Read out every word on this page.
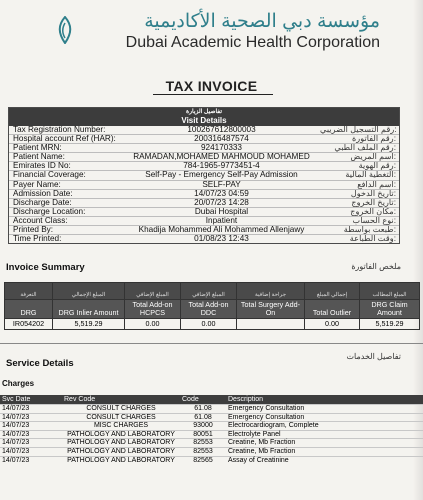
مؤسسة دبي الصحية الأكاديمية
Dubai Academic Health Corporation
TAX INVOICE
تفاصيل الزيارة
Visit Details
Tax Registration Number:	100267612800003	رقم التسجيل الضريبي:
Hospital account Ref (HAR):	200316487574	رقم الفاتورة:
Patient MRN:	924170333	رقم الملف الطبي:
Patient Name:	RAMADAN,MOHAMED MAHMOUD MOHAMED	اسم المريض:
Emirates ID No:	784-1965-9773451-4	رقم الهوية:
Financial Coverage:	Self-Pay - Emergency Self-Pay Admission	التغطية المالية:
Payer Name:	SELF-PAY	اسم الدافع:
Admission Date:	14/07/23 04:59	تاريخ الدخول:
Discharge Date:	20/07/23 14:28	تاريخ الخروج:
Discharge Location:	Dubai Hospital	مكان الخروج:
Account Class:	Inpatient	نوع الحساب:
Printed By:	Khadija Mohammed Ali Mohammed Allenjawy	طبعت بواسطة:
Time Printed:	01/08/23 12:43	وقت الطباعة:
Invoice Summary	ملخص الفاتورة
التعرفة	المبلغ الإجمالي	المبلغ الإضافي	المبلغ الإضافي	جراحة إضافية	إجمالي المبلغ	المبلغ المطالب
DRG	DRG Inlier Amount	Total Add-on HCPCS	Total Add-on DDC	Total Surgery Add-On	Total Outlier	DRG Claim Amount
IR054202	5,519.29	0.00	0.00		0.00	5,519.29
Service Details
تفاصيل الخدمات
Charges
Svc Date	Rev Code	Code	Description
14/07/23	CONSULT CHARGES	61.08	Emergency Consultation
14/07/23	CONSULT CHARGES	61.08	Emergency Consultation
14/07/23	MISC CHARGES	93000	Electrocardiogram, Complete
14/07/23	PATHOLOGY AND LABORATORY	80051	Electrolyte Panel
14/07/23	PATHOLOGY AND LABORATORY	82553	Creatine, Mb Fraction
14/07/23	PATHOLOGY AND LABORATORY	82553	Creatine, Mb Fraction
14/07/23	PATHOLOGY AND LABORATORY	82565	Assay of Creatinine
